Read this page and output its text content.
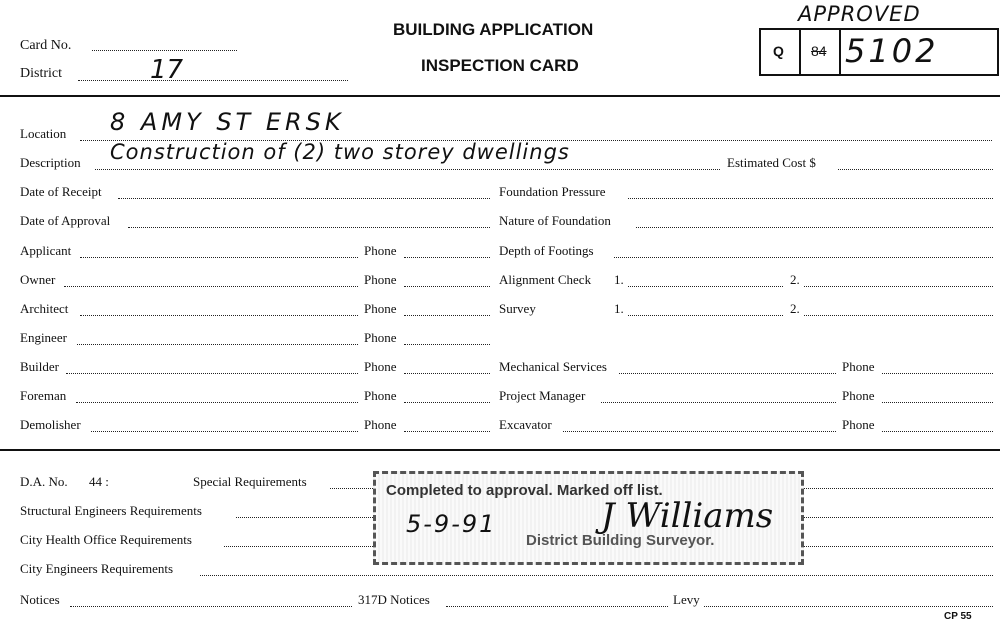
Card No.
District	17
BUILDING APPLICATION
INSPECTION CARD
APPROVED
Q 84 5102
Location 8 AMY ST ERSK
Description Construction of (2) two storey dwellings	Estimated Cost $
Date of Receipt
Date of Approval
Applicant	Phone
Owner	Phone
Architect	Phone
Engineer	Phone
Builder	Phone
Foreman	Phone
Demolisher	Phone
Foundation Pressure
Nature of Foundation
Depth of Footings
Alignment Check 1.	2.
Survey	1.	2.
Mechanical Services	Phone
Project Manager	Phone
Excavator	Phone
D.A. No. 44 :	Special Requirements
Structural Engineers Requirements
City Health Office Requirements
City Engineers Requirements
Notices	317D Notices	Levy
CP 55
Completed to approval. Marked off list.
5-9-91
District Building Surveyor.
J Williams
